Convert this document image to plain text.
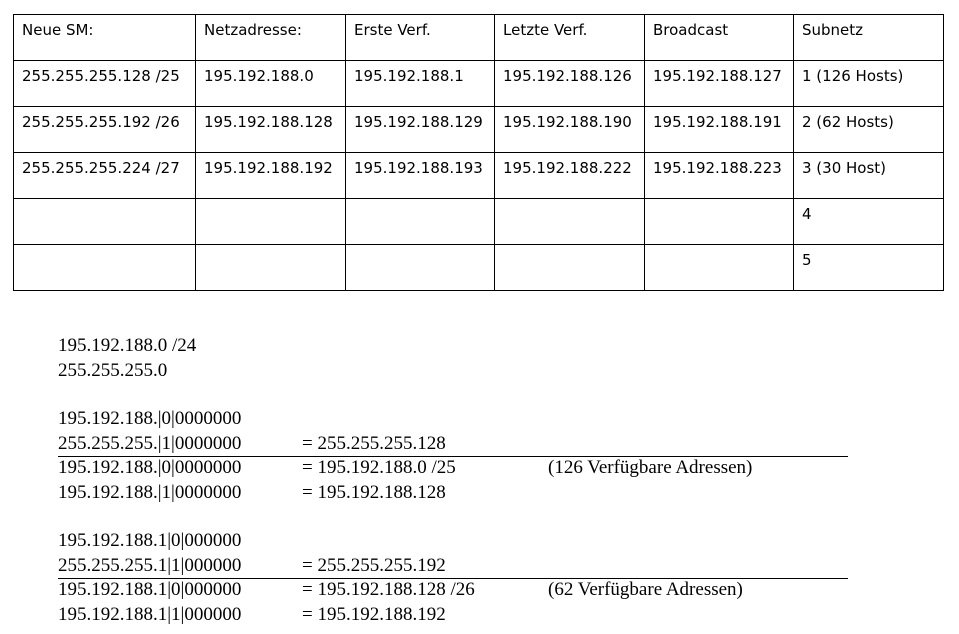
Neue SM:	Netzadresse:	Erste Verf.	Letzte Verf.	Broadcast	Subnetz
255.255.255.128 /25	195.192.188.0	195.192.188.1	195.192.188.126	195.192.188.127	1 (126 Hosts)
255.255.255.192 /26	195.192.188.128	195.192.188.129	195.192.188.190	195.192.188.191	2 (62 Hosts)
255.255.255.224 /27	195.192.188.192	195.192.188.193	195.192.188.222	195.192.188.223	3 (30 Host)
					4
					5
195.192.188.0 /24
255.255.255.0
195.192.188.|0|0000000
255.255.255.|1|0000000	= 255.255.255.128
195.192.188.|0|0000000	= 195.192.188.0 /25	(126 Verfügbare Adressen)
195.192.188.|1|0000000	= 195.192.188.128
195.192.188.1|0|000000
255.255.255.1|1|000000	= 255.255.255.192
195.192.188.1|0|000000	= 195.192.188.128 /26	(62 Verfügbare Adressen)
195.192.188.1|1|000000	= 195.192.188.192
